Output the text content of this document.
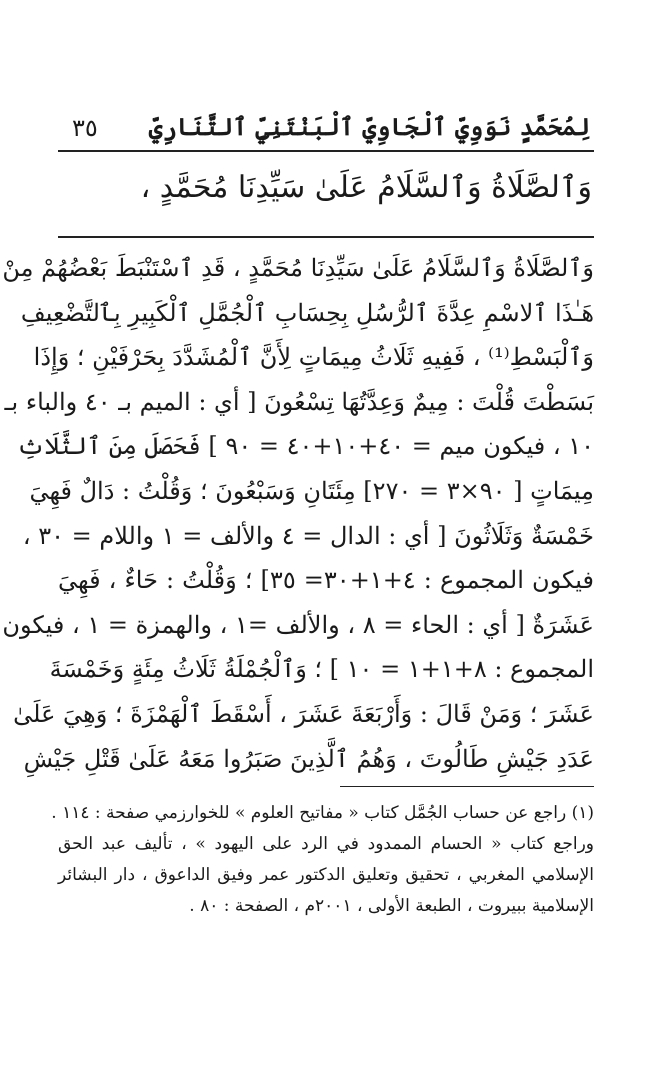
لِمُحَمَّدٍ نَوَوِيِّ ٱلْجَاوِيِّ ٱلْبَنْتَنِيِّ ٱلتَّنَارِيِّ
٣٥
وَٱلصَّلَاةُ وَٱلسَّلَامُ عَلَىٰ سَيِّدِنَا مُحَمَّدٍ ،
وَٱلصَّلَاةُ وَٱلسَّلَامُ عَلَىٰ سَيِّدِنَا مُحَمَّدٍ ، قَدِ ٱسْتَنْبَطَ بَعْضُهُمْ مِنْ
هَـٰذَا ٱلاسْمِ عِدَّةَ ٱلرُّسُلِ بِحِسَابِ ٱلْجُمَّلِ ٱلْكَبِيرِ بِٱلتَّضْعِيفِ
وَٱلْبَسْطِ⁽¹⁾ ، فَفِيهِ ثَلَاثُ مِيمَاتٍ لِأَنَّ ٱلْمُشَدَّدَ بِحَرْفَيْنِ ؛ وَإِذَا
بَسَطْتَ قُلْتَ : مِيمٌ وَعِدَّتُهَا تِسْعُونَ [ أي : الميم بـ ٤٠ والباء بـ
١٠ ، فيكون ميم = ٤٠+١٠+٤٠ = ٩٠ ] فَحَصَلَ مِنَ ٱلثَّلَاثِ
مِيمَاتٍ [ ٩٠×٣ = ٢٧٠] مِئَتَانِ وَسَبْعُونَ ؛ وَقُلْتُ : دَالٌ فَهِيَ
خَمْسَةٌ وَثَلَاثُونَ [ أي : الدال = ٤ والألف = ١ واللام = ٣٠ ،
فيكون المجموع : ٤+١+٣٠= ٣٥] ؛ وَقُلْتُ : حَاءٌ ، فَهِيَ
عَشَرَةٌ [ أي : الحاء = ٨ ، والألف =١ ، والهمزة = ١ ، فيكون
المجموع : ٨+١+١ = ١٠ ] ؛ وَٱلْجُمْلَةُ ثَلَاثُ مِئَةٍ وَخَمْسَةَ
عَشَرَ ؛ وَمَنْ قَالَ : وَأَرْبَعَةَ عَشَرَ ، أَسْقَطَ ٱلْهَمْزَةَ ؛ وَهِيَ عَلَىٰ
عَدَدِ جَيْشِ طَالُوتَ ، وَهُمُ ٱلَّذِينَ صَبَرُوا مَعَهُ عَلَىٰ قَتْلِ جَيْشِ
(١) راجع عن حساب الجُمَّل كتاب « مفاتيح العلوم » للخوارزمي صفحة : ١١٤ .
وراجع كتاب « الحسام الممدود في الرد على اليهود » ، تأليف عبد الحق
الإسلامي المغربي ، تحقيق وتعليق الدكتور عمر وفيق الداعوق ، دار البشائر
الإسلامية ببيروت ، الطبعة الأولى ، ٢٠٠١م ، الصفحة : ٨٠ .
